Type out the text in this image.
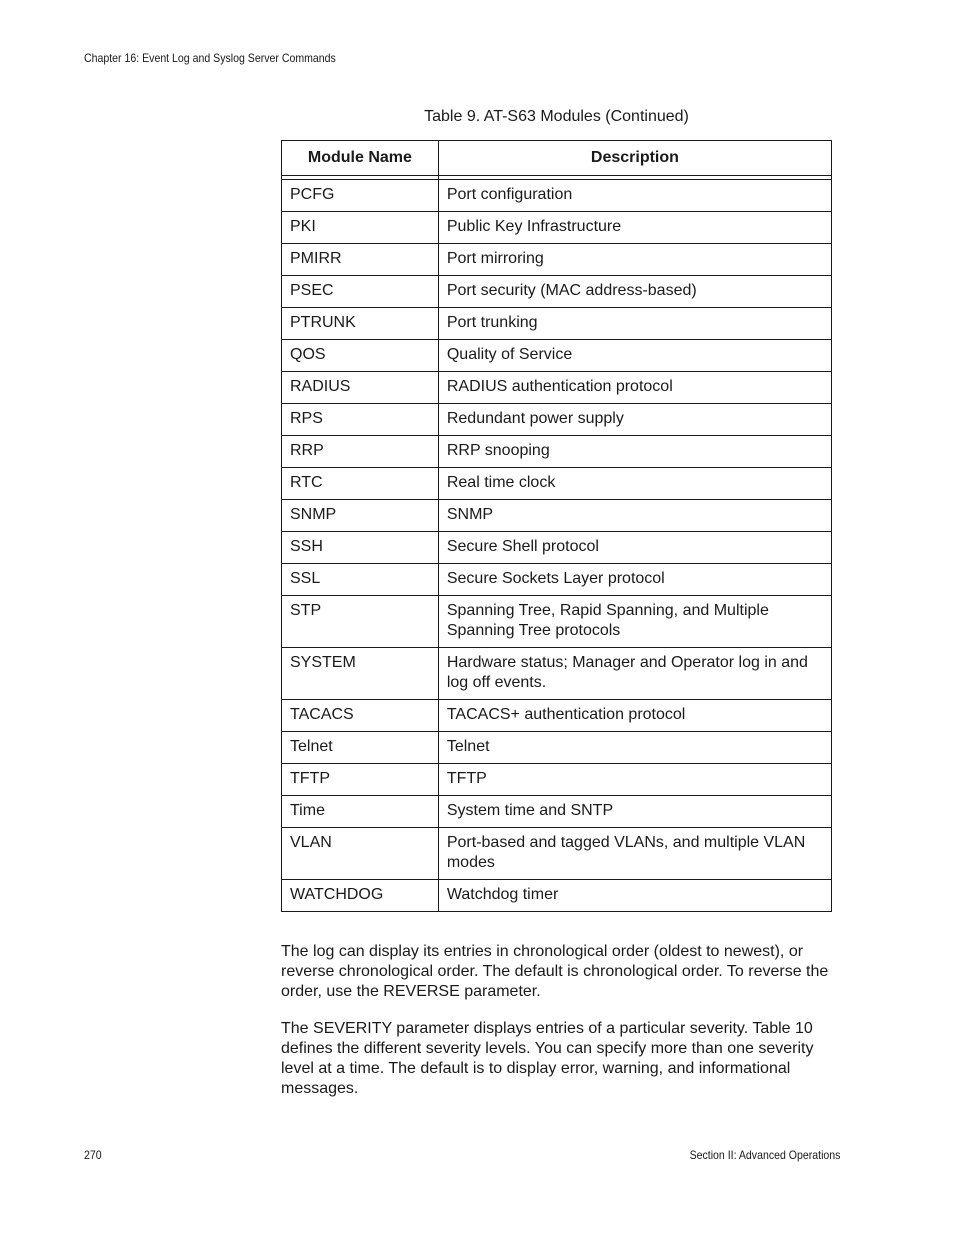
Chapter 16: Event Log and Syslog Server Commands
Table 9. AT-S63 Modules (Continued)
Module Name	Description

PCFG	Port configuration
PKI	Public Key Infrastructure
PMIRR	Port mirroring
PSEC	Port security (MAC address-based)
PTRUNK	Port trunking
QOS	Quality of Service
RADIUS	RADIUS authentication protocol
RPS	Redundant power supply
RRP	RRP snooping
RTC	Real time clock
SNMP	SNMP
SSH	Secure Shell protocol
SSL	Secure Sockets Layer protocol
STP	Spanning Tree, Rapid Spanning, and Multiple Spanning Tree protocols
SYSTEM	Hardware status; Manager and Operator log in and log off events.
TACACS	TACACS+ authentication protocol
Telnet	Telnet
TFTP	TFTP
Time	System time and SNTP
VLAN	Port-based and tagged VLANs, and multiple VLAN modes
WATCHDOG	Watchdog timer

The log can display its entries in chronological order (oldest to newest), or reverse chronological order. The default is chronological order. To reverse the order, use the REVERSE parameter.

The SEVERITY parameter displays entries of a particular severity. Table 10 defines the different severity levels. You can specify more than one severity level at a time. The default is to display error, warning, and informational messages.

270	Section II: Advanced Operations
